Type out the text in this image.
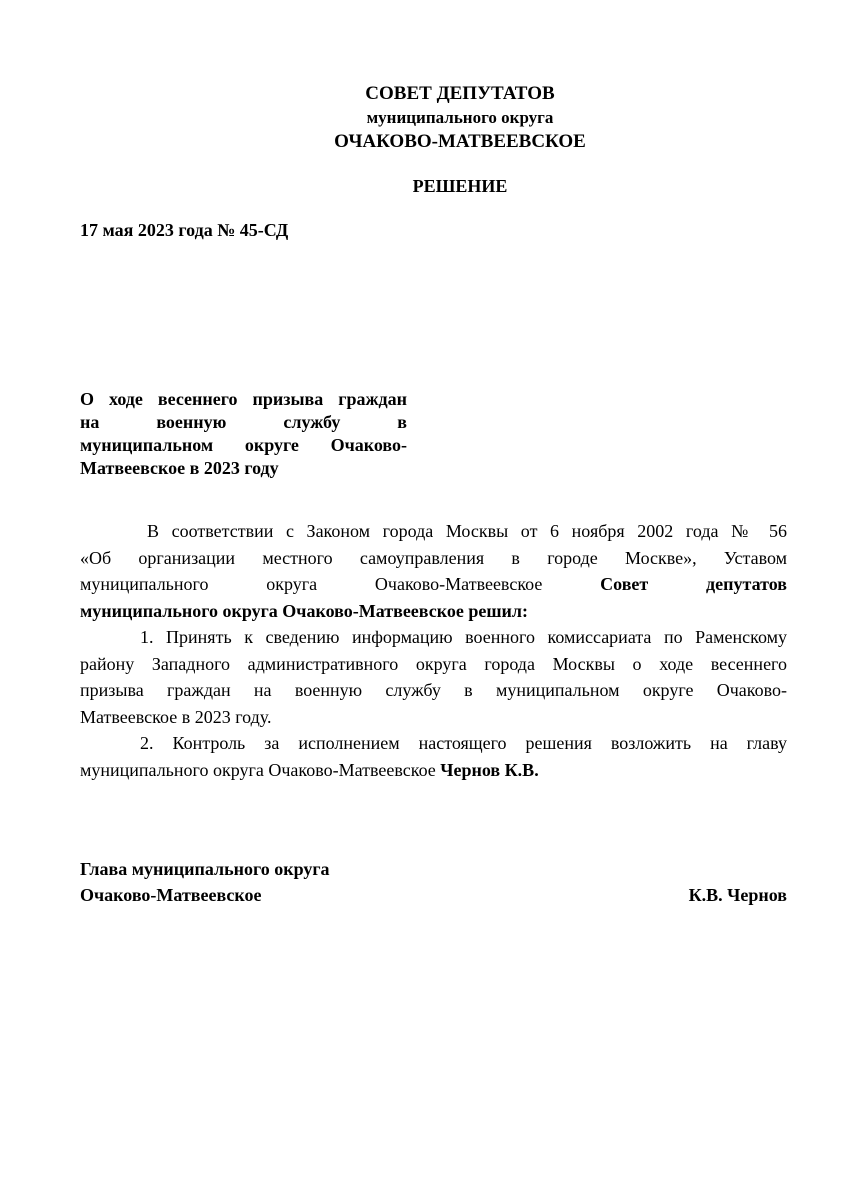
СОВЕТ ДЕПУТАТОВ
муниципального округа
ОЧАКОВО-МАТВЕЕВСКОЕ
РЕШЕНИЕ
17 мая 2023 года № 45-СД
О ходе весеннего призыва граждан
на военную службу в
муниципальном округе Очаково-
Матвеевское в 2023 году
В соответствии с Законом города Москвы от 6 ноября 2002 года № 56
«Об организации местного самоуправления в городе Москве», Уставом
муниципального округа Очаково-Матвеевское	Совет депутатов
муниципального округа Очаково-Матвеевское решил:
1. Принять к сведению информацию военного комиссариата по Раменскому
району Западного административного округа города Москвы о ходе весеннего
призыва граждан на военную службу в муниципальном округе Очаково-
Матвеевское в 2023 году.
2. Контроль за исполнением настоящего решения возложить на главу
муниципального округа Очаково-Матвеевское Чернов К.В.
Глава муниципального округа
Очаково-Матвеевское	К.В. Чернов
